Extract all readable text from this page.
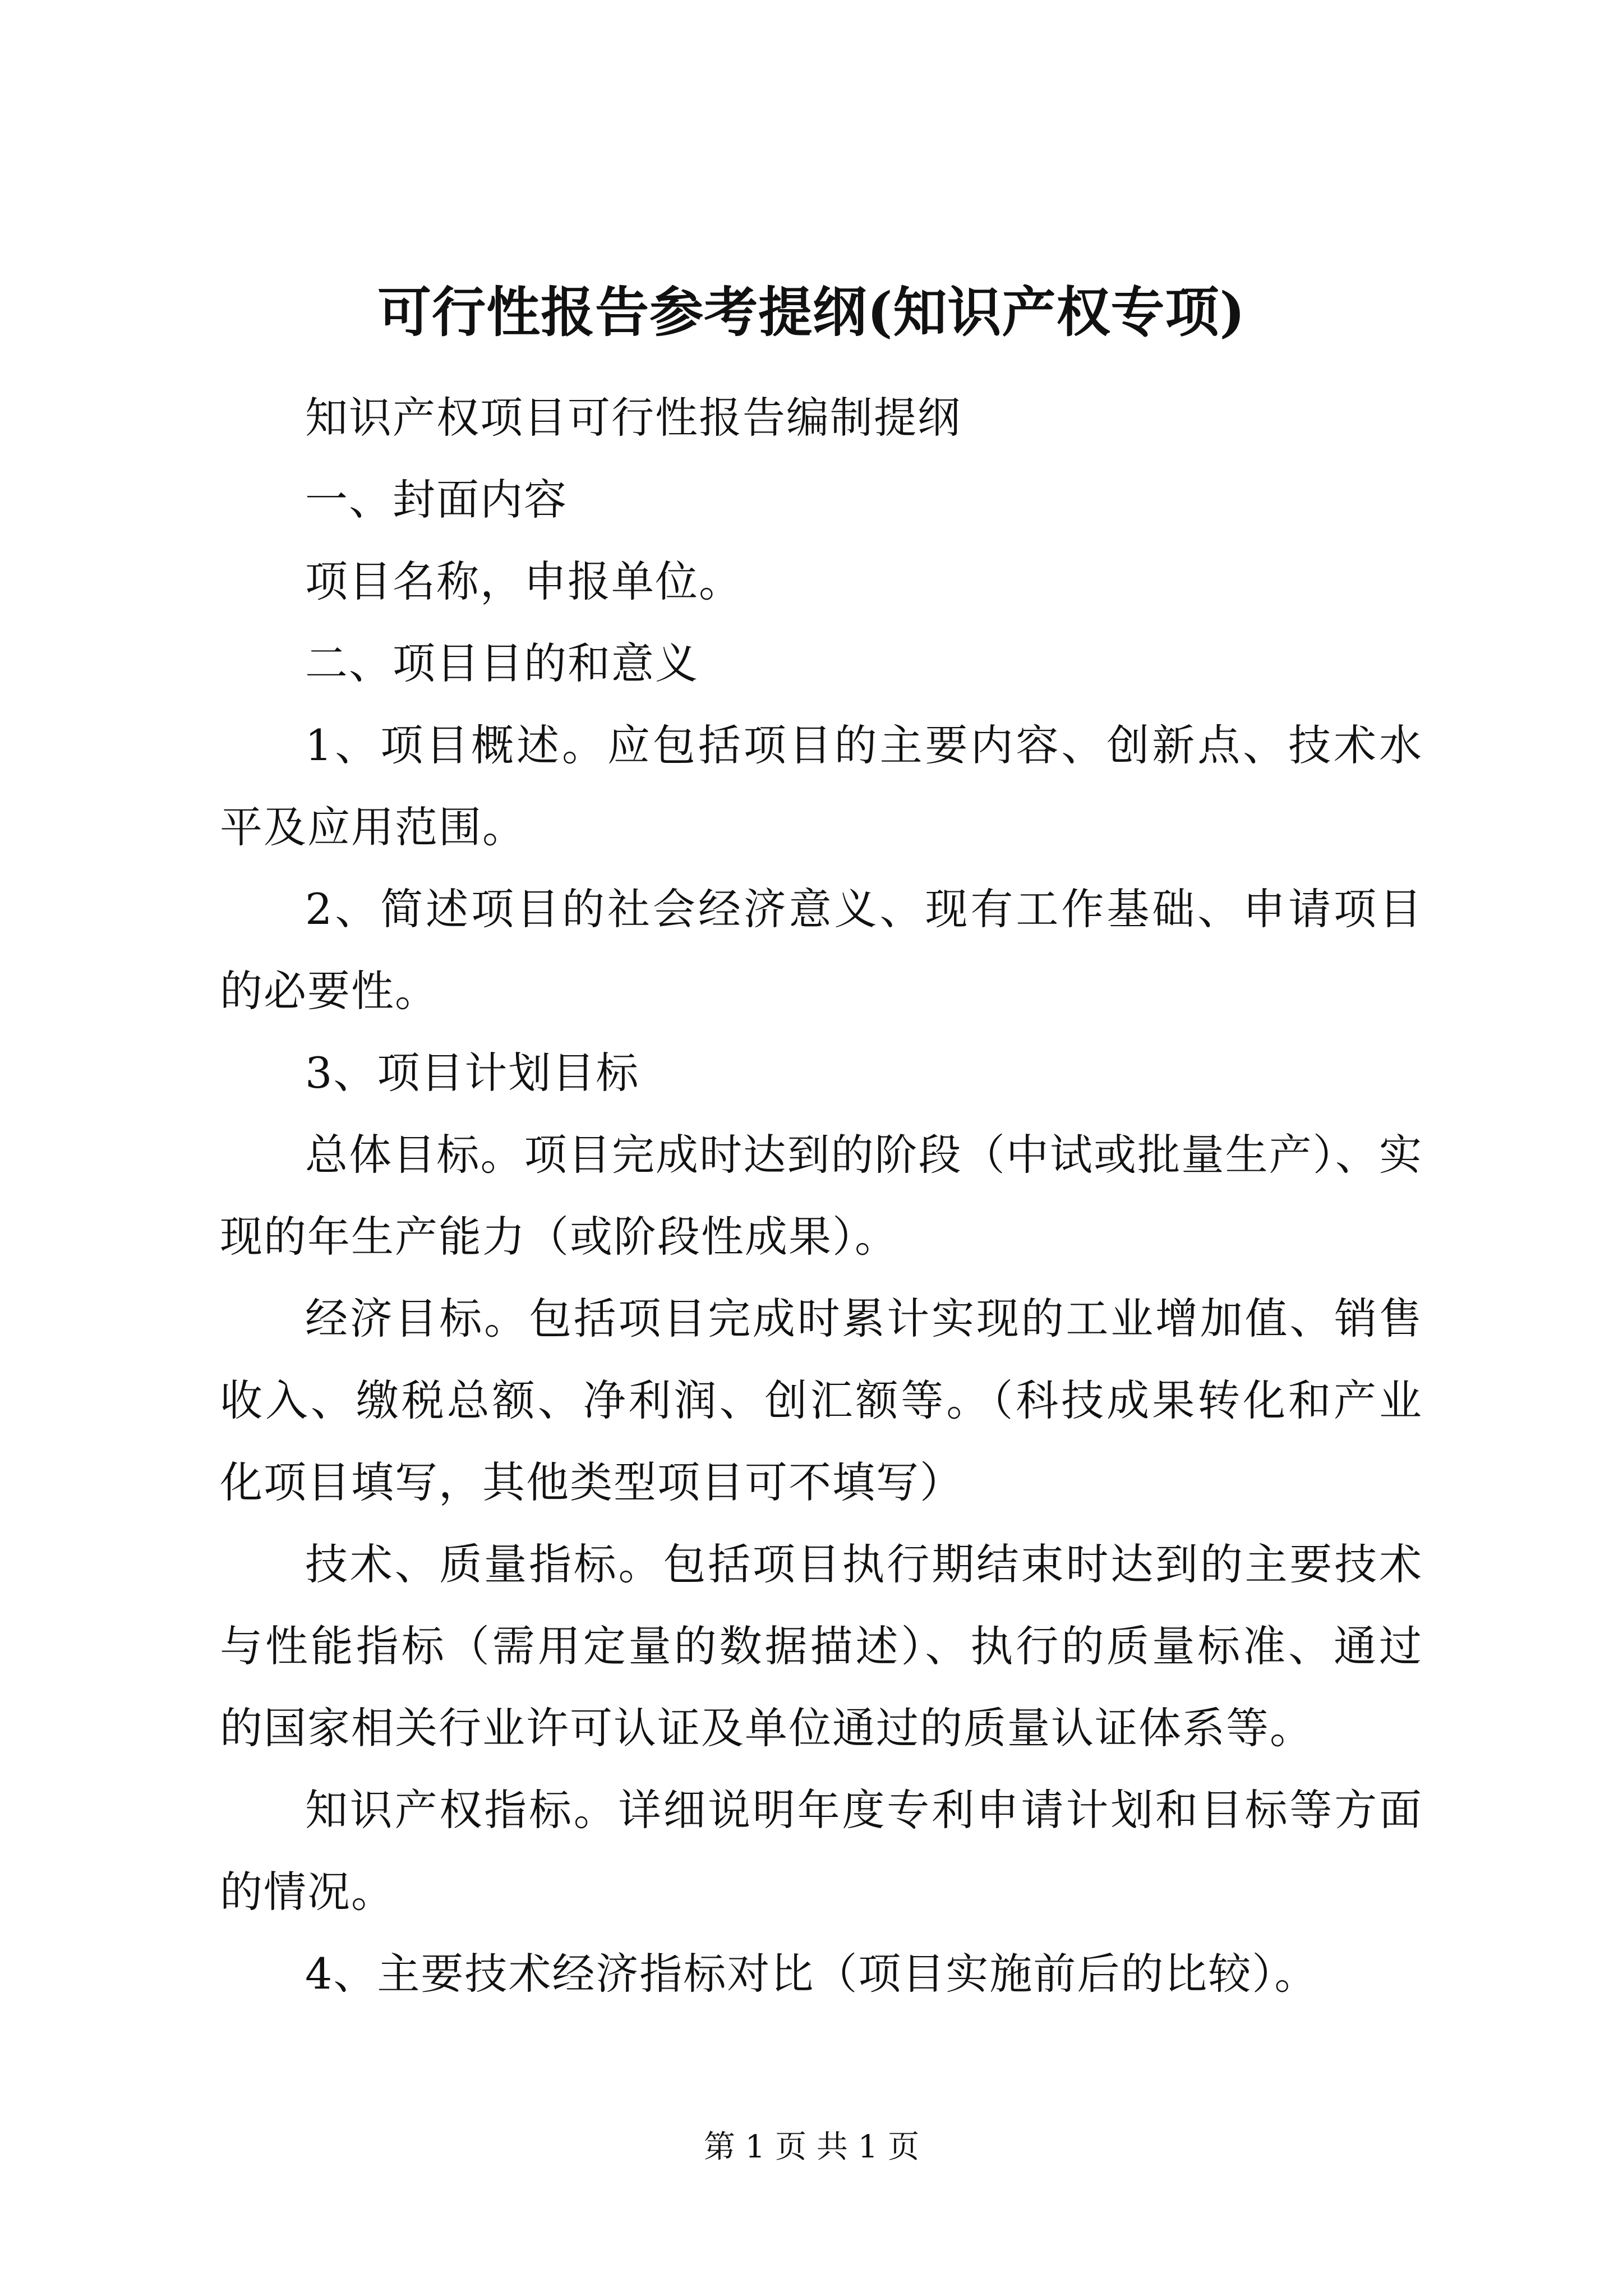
可行性报告参考提纲(知识产权专项)

知识产权项目可行性报告编制提纲

一、封面内容

项目名称，申报单位。

二、项目目的和意义

1、项目概述。应包括项目的主要内容、创新点、技术水平及应用范围。

2、简述项目的社会经济意义、现有工作基础、申请项目的必要性。

3、项目计划目标

总体目标。项目完成时达到的阶段（中试或批量生产）、实现的年生产能力（或阶段性成果）。

经济目标。包括项目完成时累计实现的工业增加值、销售收入、缴税总额、净利润、创汇额等。（科技成果转化和产业化项目填写，其他类型项目可不填写）

技术、质量指标。包括项目执行期结束时达到的主要技术与性能指标（需用定量的数据描述）、执行的质量标准、通过的国家相关行业许可认证及单位通过的质量认证体系等。

知识产权指标。详细说明年度专利申请计划和目标等方面的情况。

4、主要技术经济指标对比（项目实施前后的比较）。

第 1 页 共 1 页
